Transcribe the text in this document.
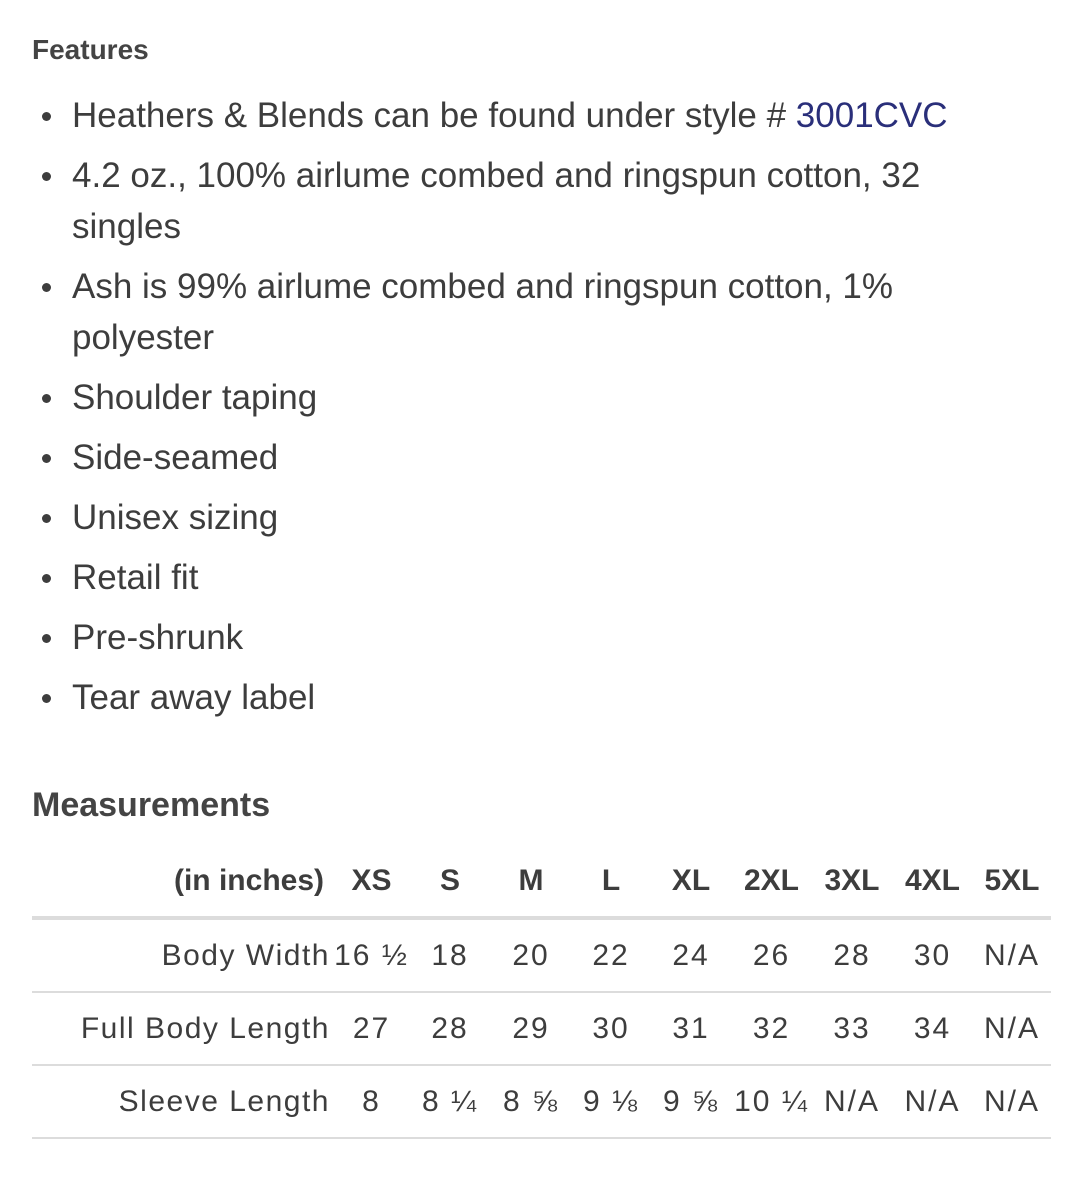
Features
Heathers & Blends can be found under style # 3001CVC
4.2 oz., 100% airlume combed and ringspun cotton, 32 singles
Ash is 99% airlume combed and ringspun cotton, 1% polyester
Shoulder taping
Side-seamed
Unisex sizing
Retail fit
Pre-shrunk
Tear away label
Measurements
(in inches)	XS	S	M	L	XL	2XL	3XL	4XL	5XL
Body Width	16 ½	18	20	22	24	26	28	30	N/A
Full Body Length	27	28	29	30	31	32	33	34	N/A
Sleeve Length	8	8 ¼	8 ⅝	9 ⅛	9 ⅝	10 ¼	N/A	N/A	N/A
